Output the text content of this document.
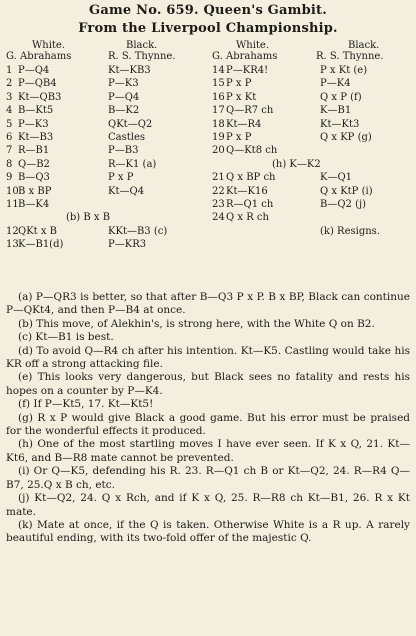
Game No. 659. Queen's Gambit.
From the Liverpool Championship.
White.	Black.
G. Abrahams	R. S. Thynne.
1 P—Q4	Kt—KB3
2 P—QB4	P—K3
3 Kt—QB3	P—Q4
4 B—Kt5	B—K2
5 P—K3	QKt—Q2
6 Kt—B3	Castles
7 R—B1	P—B3
8 Q—B2	R—K1 (a)
9 B—Q3	P x P
10 B x BP	Kt—Q4
11 B—K4
(b) B x B
12 QKt x B	KKt—B3 (c)
13 K—B1(d)	P—KR3
White.	Black.
G. Abrahams	R. S. Thynne.
14 P—KR4!	P x Kt (e)
15 P x P	P—K4
16 P x Kt	Q x P (f)
17 Q—R7 ch	K—B1
18 Kt—R4	Kt—Kt3
19 P x P	Q x KP (g)
20 Q—Kt8 ch
(h) K—K2
21 Q x BP ch	K—Q1
22 Kt—K16	Q x KtP (i)
23 R—Q1 ch	B—Q2 (j)
24 Q x R ch
(k) Resigns.

(a) P—QR3 is better, so that after B—Q3 P x P. B x BP, Black can continue P—QKt4, and then P—B4 at once.

(b) This move, of Alekhin's, is strong here, with the White Q on B2.

(c) Kt—B1 is best.

(d) To avoid Q—R4 ch after his intention. Kt—K5. Castling would take his KR off a strong attacking file.

(e) This looks very dangerous, but Black sees no fatality and rests his hopes on a counter by P—K4.

(f) If P—Kt5, 17. Kt—Kt5!

(g) R x P would give Black a good game. But his error must be praised for the wonderful effects it produced.

(h) One of the most startling moves I have ever seen. If K x Q, 21. Kt—Kt6, and B—R8 mate cannot be prevented.

(i) Or Q—K5, defending his R. 23. R—Q1 ch B or Kt—Q2, 24. R—R4 Q—B7, 25.Q x B ch, etc.

(j) Kt—Q2, 24. Q x Rch, and if K x Q, 25. R—R8 ch Kt—B1, 26. R x Kt mate.

(k) Mate at once, if the Q is taken. Otherwise White is a R up. A rarely beautiful ending, with its two-fold offer of the majestic Q.
